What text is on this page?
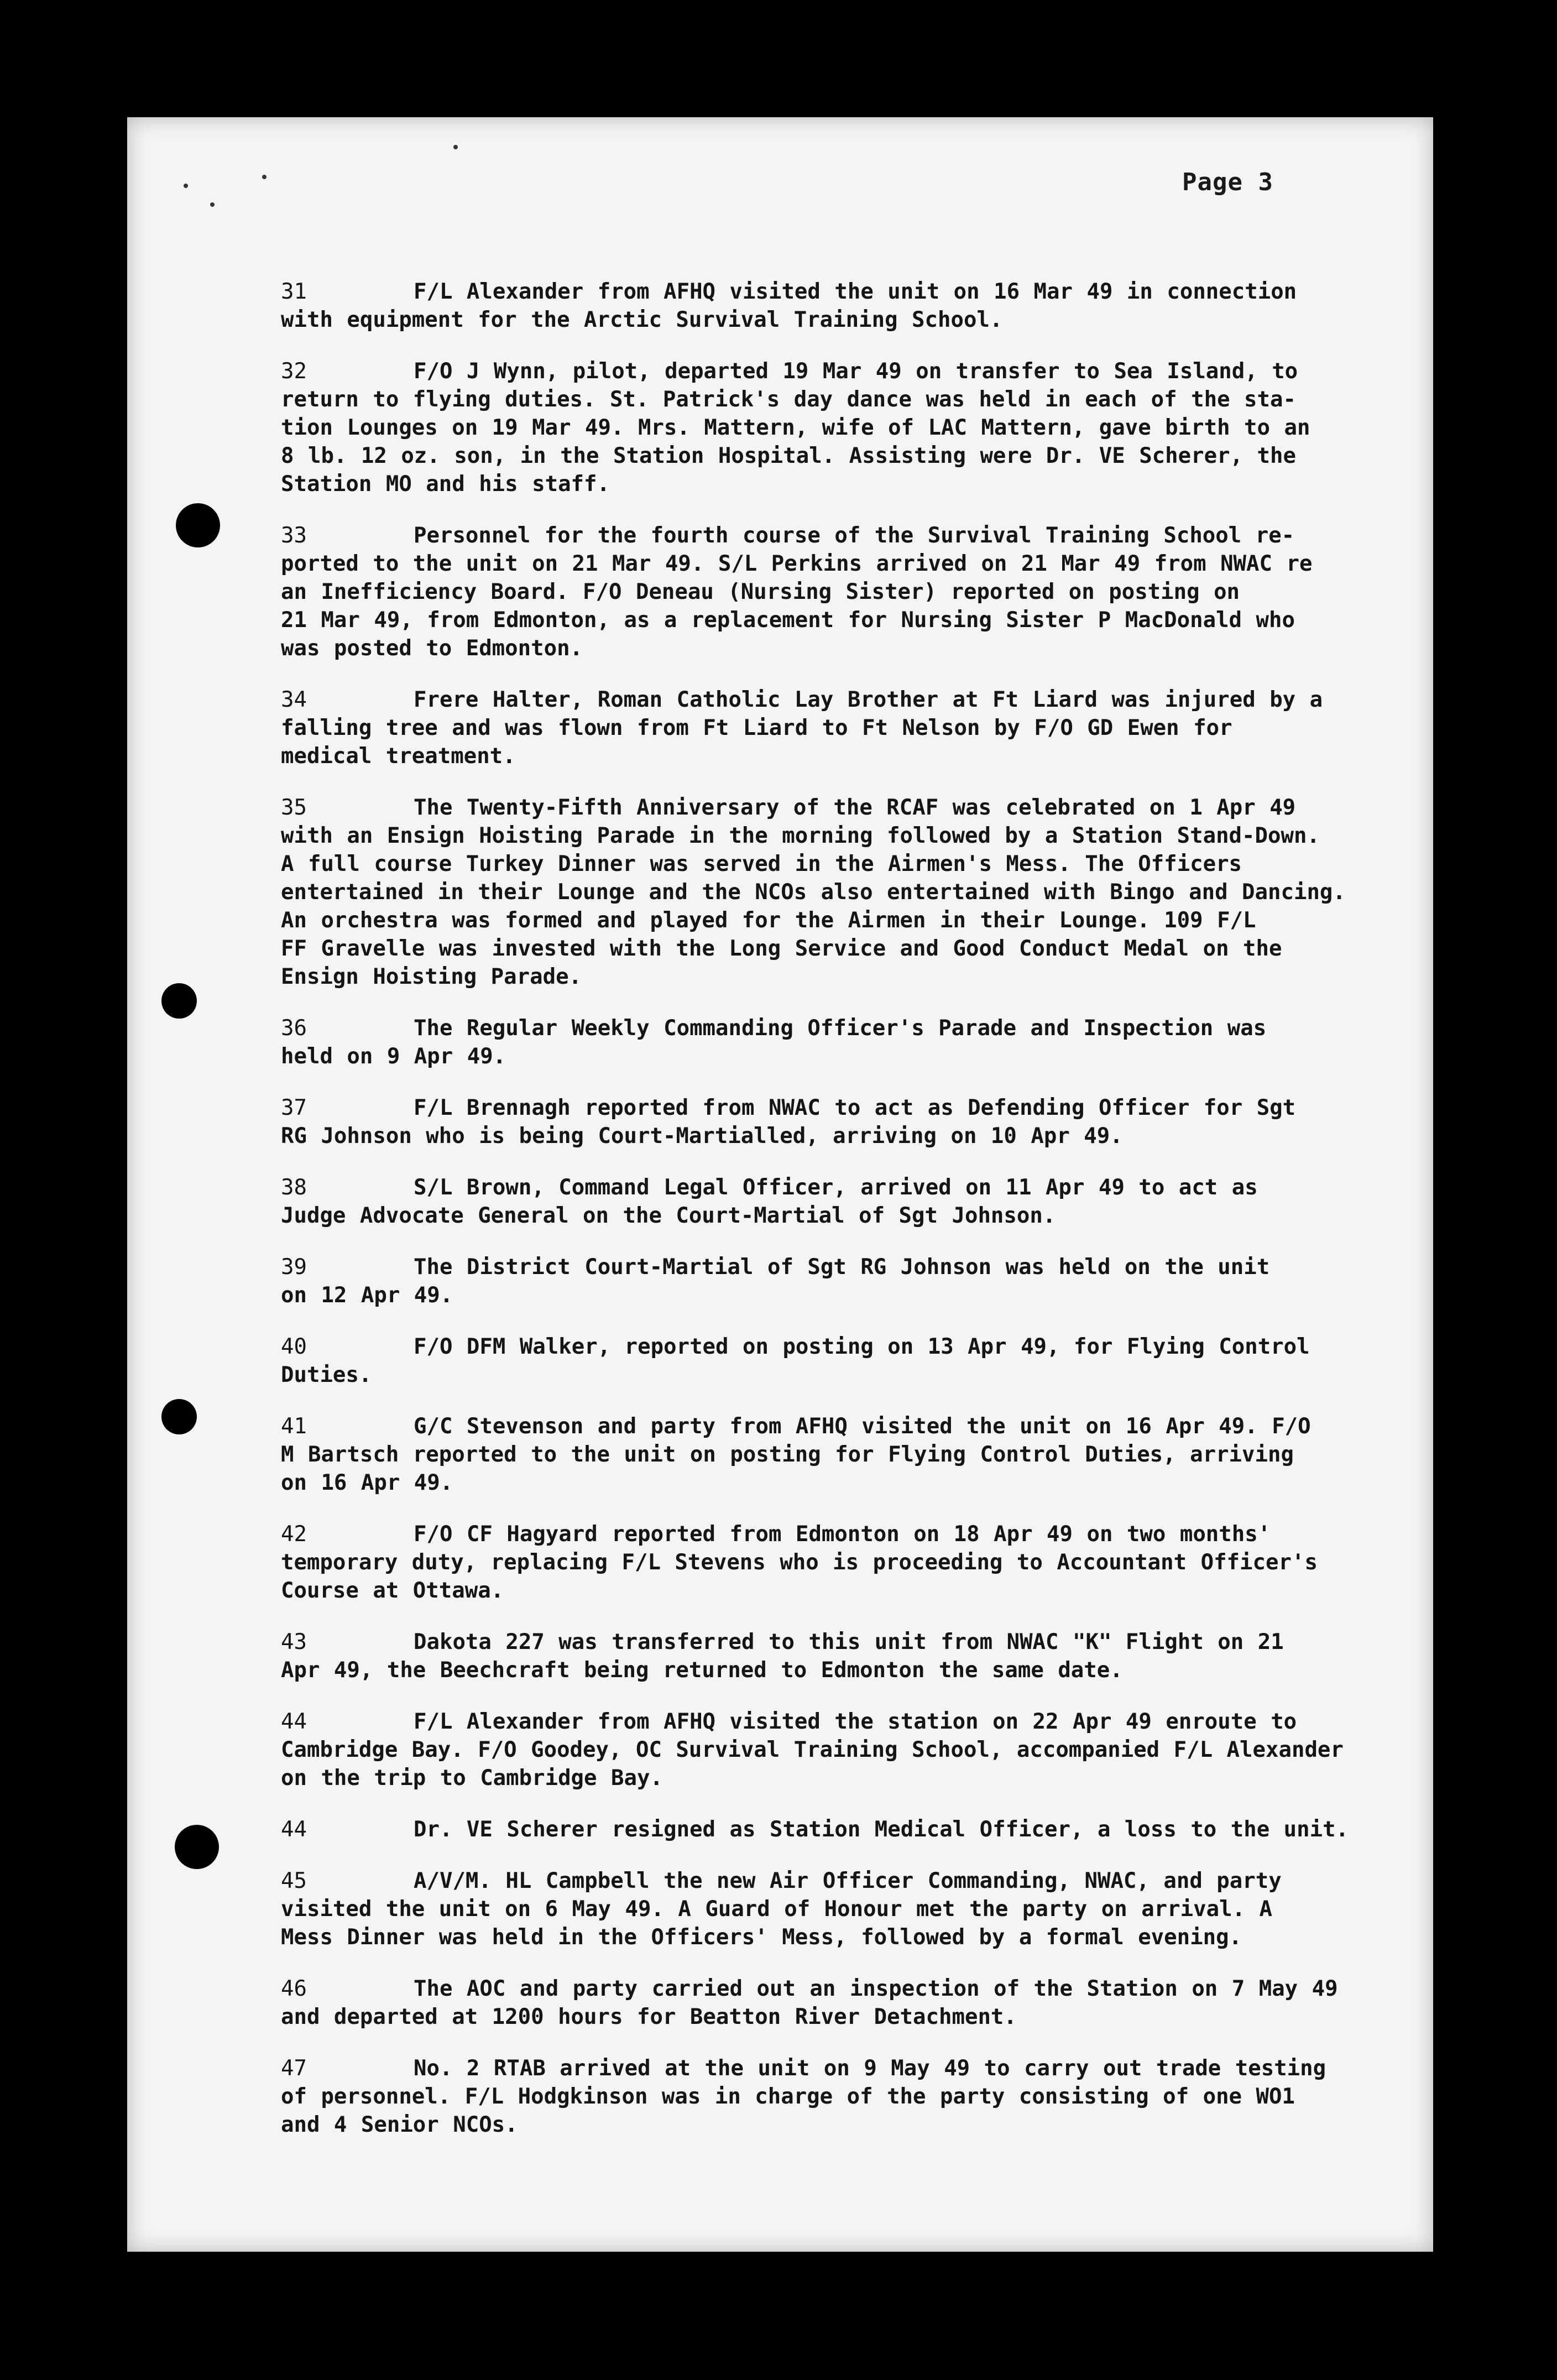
Page 3
31	F/L Alexander from AFHQ visited the unit on 16 Mar 49 in connection
with equipment for the Arctic Survival Training School.
32	F/O J Wynn, pilot, departed 19 Mar 49 on transfer to Sea Island, to
return to flying duties. St. Patrick's day dance was held in each of the sta-
tion Lounges on 19 Mar 49. Mrs. Mattern, wife of LAC Mattern, gave birth to an
8 lb. 12 oz. son, in the Station Hospital. Assisting were Dr. VE Scherer, the
Station MO and his staff.
33	Personnel for the fourth course of the Survival Training School re-
ported to the unit on 21 Mar 49. S/L Perkins arrived on 21 Mar 49 from NWAC re
an Inefficiency Board. F/O Deneau (Nursing Sister) reported on posting on
21 Mar 49, from Edmonton, as a replacement for Nursing Sister P MacDonald who
was posted to Edmonton.
34	Frere Halter, Roman Catholic Lay Brother at Ft Liard was injured by a
falling tree and was flown from Ft Liard to Ft Nelson by F/O GD Ewen for
medical treatment.
35	The Twenty-Fifth Anniversary of the RCAF was celebrated on 1 Apr 49
with an Ensign Hoisting Parade in the morning followed by a Station Stand-Down.
A full course Turkey Dinner was served in the Airmen's Mess. The Officers
entertained in their Lounge and the NCOs also entertained with Bingo and Dancing.
An orchestra was formed and played for the Airmen in their Lounge. 109 F/L
FF Gravelle was invested with the Long Service and Good Conduct Medal on the
Ensign Hoisting Parade.
36	The Regular Weekly Commanding Officer's Parade and Inspection was
held on 9 Apr 49.
37	F/L Brennagh reported from NWAC to act as Defending Officer for Sgt
RG Johnson who is being Court-Martialled, arriving on 10 Apr 49.
38	S/L Brown, Command Legal Officer, arrived on 11 Apr 49 to act as
Judge Advocate General on the Court-Martial of Sgt Johnson.
39	The District Court-Martial of Sgt RG Johnson was held on the unit
on 12 Apr 49.
40	F/O DFM Walker, reported on posting on 13 Apr 49, for Flying Control
Duties.
41	G/C Stevenson and party from AFHQ visited the unit on 16 Apr 49. F/O
M Bartsch reported to the unit on posting for Flying Control Duties, arriving
on 16 Apr 49.
42	F/O CF Hagyard reported from Edmonton on 18 Apr 49 on two months'
temporary duty, replacing F/L Stevens who is proceeding to Accountant Officer's
Course at Ottawa.
43	Dakota 227 was transferred to this unit from NWAC "K" Flight on 21
Apr 49, the Beechcraft being returned to Edmonton the same date.
44	F/L Alexander from AFHQ visited the station on 22 Apr 49 enroute to
Cambridge Bay. F/O Goodey, OC Survival Training School, accompanied F/L Alexander
on the trip to Cambridge Bay.
44	Dr. VE Scherer resigned as Station Medical Officer, a loss to the unit.
45	A/V/M. HL Campbell the new Air Officer Commanding, NWAC, and party
visited the unit on 6 May 49. A Guard of Honour met the party on arrival. A
Mess Dinner was held in the Officers' Mess, followed by a formal evening.
46	The AOC and party carried out an inspection of the Station on 7 May 49
and departed at 1200 hours for Beatton River Detachment.
47	No. 2 RTAB arrived at the unit on 9 May 49 to carry out trade testing
of personnel. F/L Hodgkinson was in charge of the party consisting of one WO1
and 4 Senior NCOs.
